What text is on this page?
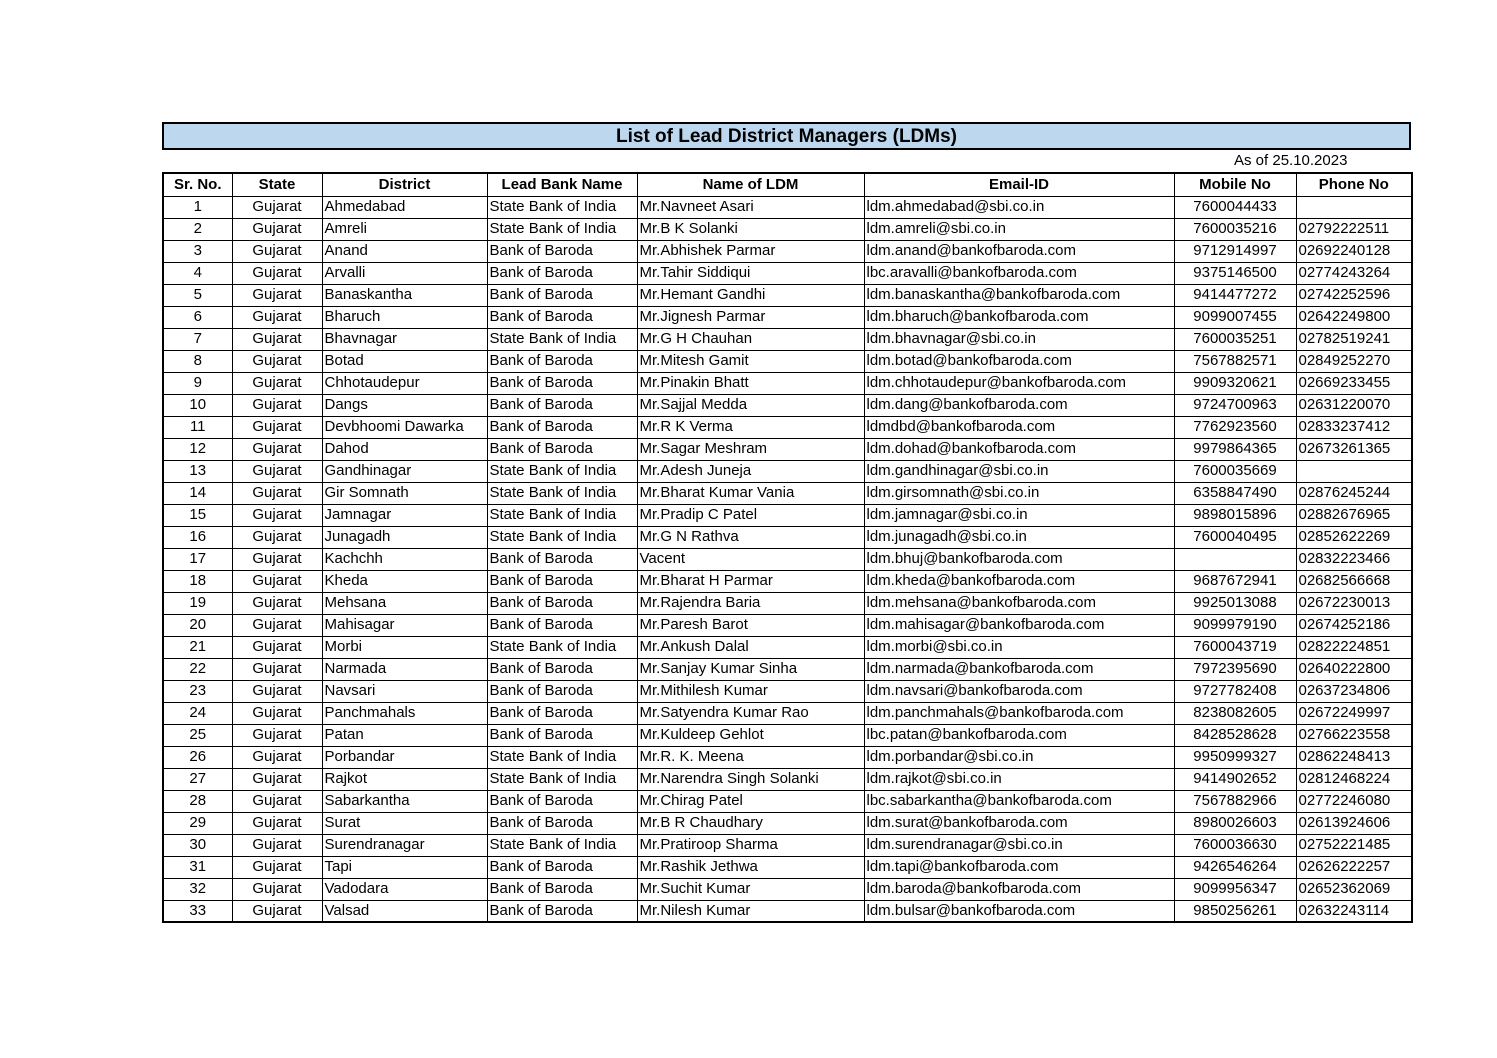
List of Lead District Managers (LDMs)
As of 25.10.2023
Sr. No.	State	District	Lead Bank Name	Name of LDM	Email-ID	Mobile No	Phone No
1	Gujarat	Ahmedabad	State Bank of India	Mr.Navneet Asari	ldm.ahmedabad@sbi.co.in	7600044433	
2	Gujarat	Amreli	State Bank of India	Mr.B K Solanki	ldm.amreli@sbi.co.in	7600035216	02792222511
3	Gujarat	Anand	Bank of Baroda	Mr.Abhishek Parmar	ldm.anand@bankofbaroda.com	9712914997	02692240128
4	Gujarat	Arvalli	Bank of Baroda	Mr.Tahir Siddiqui	lbc.aravalli@bankofbaroda.com	9375146500	02774243264
5	Gujarat	Banaskantha	Bank of Baroda	Mr.Hemant Gandhi	ldm.banaskantha@bankofbaroda.com	9414477272	02742252596
6	Gujarat	Bharuch	Bank of Baroda	Mr.Jignesh Parmar	ldm.bharuch@bankofbaroda.com	9099007455	02642249800
7	Gujarat	Bhavnagar	State Bank of India	Mr.G H Chauhan	ldm.bhavnagar@sbi.co.in	7600035251	02782519241
8	Gujarat	Botad	Bank of Baroda	Mr.Mitesh Gamit	ldm.botad@bankofbaroda.com	7567882571	02849252270
9	Gujarat	Chhotaudepur	Bank of Baroda	Mr.Pinakin Bhatt	ldm.chhotaudepur@bankofbaroda.com	9909320621	02669233455
10	Gujarat	Dangs	Bank of Baroda	Mr.Sajjal Medda	ldm.dang@bankofbaroda.com	9724700963	02631220070
11	Gujarat	Devbhoomi Dawarka	Bank of Baroda	Mr.R K Verma	ldmdbd@bankofbaroda.com	7762923560	02833237412
12	Gujarat	Dahod	Bank of Baroda	Mr.Sagar Meshram	ldm.dohad@bankofbaroda.com	9979864365	02673261365
13	Gujarat	Gandhinagar	State Bank of India	Mr.Adesh Juneja	ldm.gandhinagar@sbi.co.in	7600035669	
14	Gujarat	Gir Somnath	State Bank of India	Mr.Bharat Kumar Vania	ldm.girsomnath@sbi.co.in	6358847490	02876245244
15	Gujarat	Jamnagar	State Bank of India	Mr.Pradip C Patel	ldm.jamnagar@sbi.co.in	9898015896	02882676965
16	Gujarat	Junagadh	State Bank of India	Mr.G N Rathva	ldm.junagadh@sbi.co.in	7600040495	02852622269
17	Gujarat	Kachchh	Bank of Baroda	Vacent	ldm.bhuj@bankofbaroda.com		02832223466
18	Gujarat	Kheda	Bank of Baroda	Mr.Bharat H Parmar	ldm.kheda@bankofbaroda.com	9687672941	02682566668
19	Gujarat	Mehsana	Bank of Baroda	Mr.Rajendra Baria	ldm.mehsana@bankofbaroda.com	9925013088	02672230013
20	Gujarat	Mahisagar	Bank of Baroda	Mr.Paresh Barot	ldm.mahisagar@bankofbaroda.com	9099979190	02674252186
21	Gujarat	Morbi	State Bank of India	Mr.Ankush Dalal	ldm.morbi@sbi.co.in	7600043719	02822224851
22	Gujarat	Narmada	Bank of Baroda	Mr.Sanjay Kumar Sinha	ldm.narmada@bankofbaroda.com	7972395690	02640222800
23	Gujarat	Navsari	Bank of Baroda	Mr.Mithilesh Kumar	ldm.navsari@bankofbaroda.com	9727782408	02637234806
24	Gujarat	Panchmahals	Bank of Baroda	Mr.Satyendra Kumar Rao	ldm.panchmahals@bankofbaroda.com	8238082605	02672249997
25	Gujarat	Patan	Bank of Baroda	Mr.Kuldeep Gehlot	lbc.patan@bankofbaroda.com	8428528628	02766223558
26	Gujarat	Porbandar	State Bank of India	Mr.R. K. Meena	ldm.porbandar@sbi.co.in	9950999327	02862248413
27	Gujarat	Rajkot	State Bank of India	Mr.Narendra Singh Solanki	ldm.rajkot@sbi.co.in	9414902652	02812468224
28	Gujarat	Sabarkantha	Bank of Baroda	Mr.Chirag Patel	lbc.sabarkantha@bankofbaroda.com	7567882966	02772246080
29	Gujarat	Surat	Bank of Baroda	Mr.B R Chaudhary	ldm.surat@bankofbaroda.com	8980026603	02613924606
30	Gujarat	Surendranagar	State Bank of India	Mr.Pratiroop Sharma	ldm.surendranagar@sbi.co.in	7600036630	02752221485
31	Gujarat	Tapi	Bank of Baroda	Mr.Rashik Jethwa	ldm.tapi@bankofbaroda.com	9426546264	02626222257
32	Gujarat	Vadodara	Bank of Baroda	Mr.Suchit Kumar	ldm.baroda@bankofbaroda.com	9099956347	02652362069
33	Gujarat	Valsad	Bank of Baroda	Mr.Nilesh Kumar	ldm.bulsar@bankofbaroda.com	9850256261	02632243114
